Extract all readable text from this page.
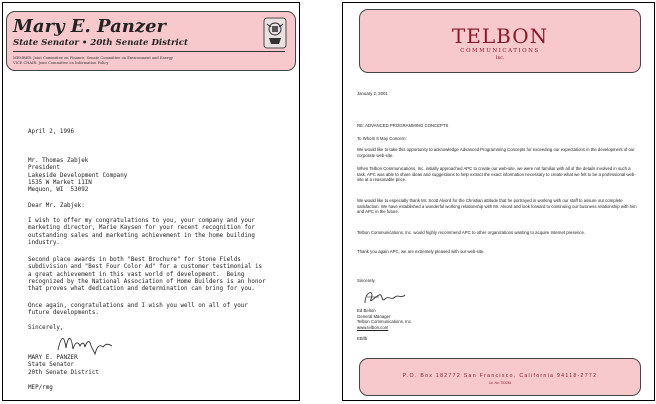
Mary E. Panzer
State Senator • 20th Senate District
MEMBER: Joint Committee on Finance; Senate Committee on Environment and Energy
VICE CHAIR: Joint Committee on Information Policy
April 2, 1996
Mr. Thomas Zabjek
President
Lakeside Development Company
1535 W Market 11IN
Mequon, WI  53092
Dear Mr. Zabjek:
I wish to offer my congratulations to you, your company and your
marketing director, Marie Kaysen for your recent recognition for
outstanding sales and marketing achievement in the home building
industry.
Second place awards in both "Best Brochure" for Stone Fields
subdivision and "Best Four Color Ad" for a customer testimonial is
a great achievement in this vast world of development.  Being
recognized by the National Association of Home Builders is an honor
that proves what dedication and determination can bring for you.
Once again, congratulations and I wish you well on all of your
future developments.
Sincerely,
MARY E. PANZER
State Senator
20th Senate District
MEP/rmg
TELBON
COMMUNICATIONS
Inc.
January 2, 2001
RE: ADVANCED PROGRAMMING CONCEPTS
To Whom It May Concern:
We would like to take this opportunity to acknowledge Advanced Programming Concepts for exceeding our expectations in the development of our corporate web-site.
When Telbon Communications, Inc. initially approached APC to create our web-site, we were not familiar with all of the details involved in such a task. APC was able to share ideas and suggestions to help extract the exact information necessary to create what we felt to be a professional web-site at a reasonable price.
We would like to especially thank Mr. Scott Alvord for the Christian attitude that he portrayed in working with our staff to assure our complete satisfaction. We have established a wonderful working relationship with Mr. Alvord and look forward to continuing our business relationship with him and APC in the future.
Telbon Communications, Inc. would highly recommend APC to other organizations wanting to acquire Internet presence.
Thank you again APC, we are extremely pleased with our web-site.
Sincerely,
Ed Belton
General Manager
Telbon Communications, Inc.
www.telbon.com
EB/lb
P.O. Box 182772 San Francisco, California 94118-2772
Lic. No. 753248
